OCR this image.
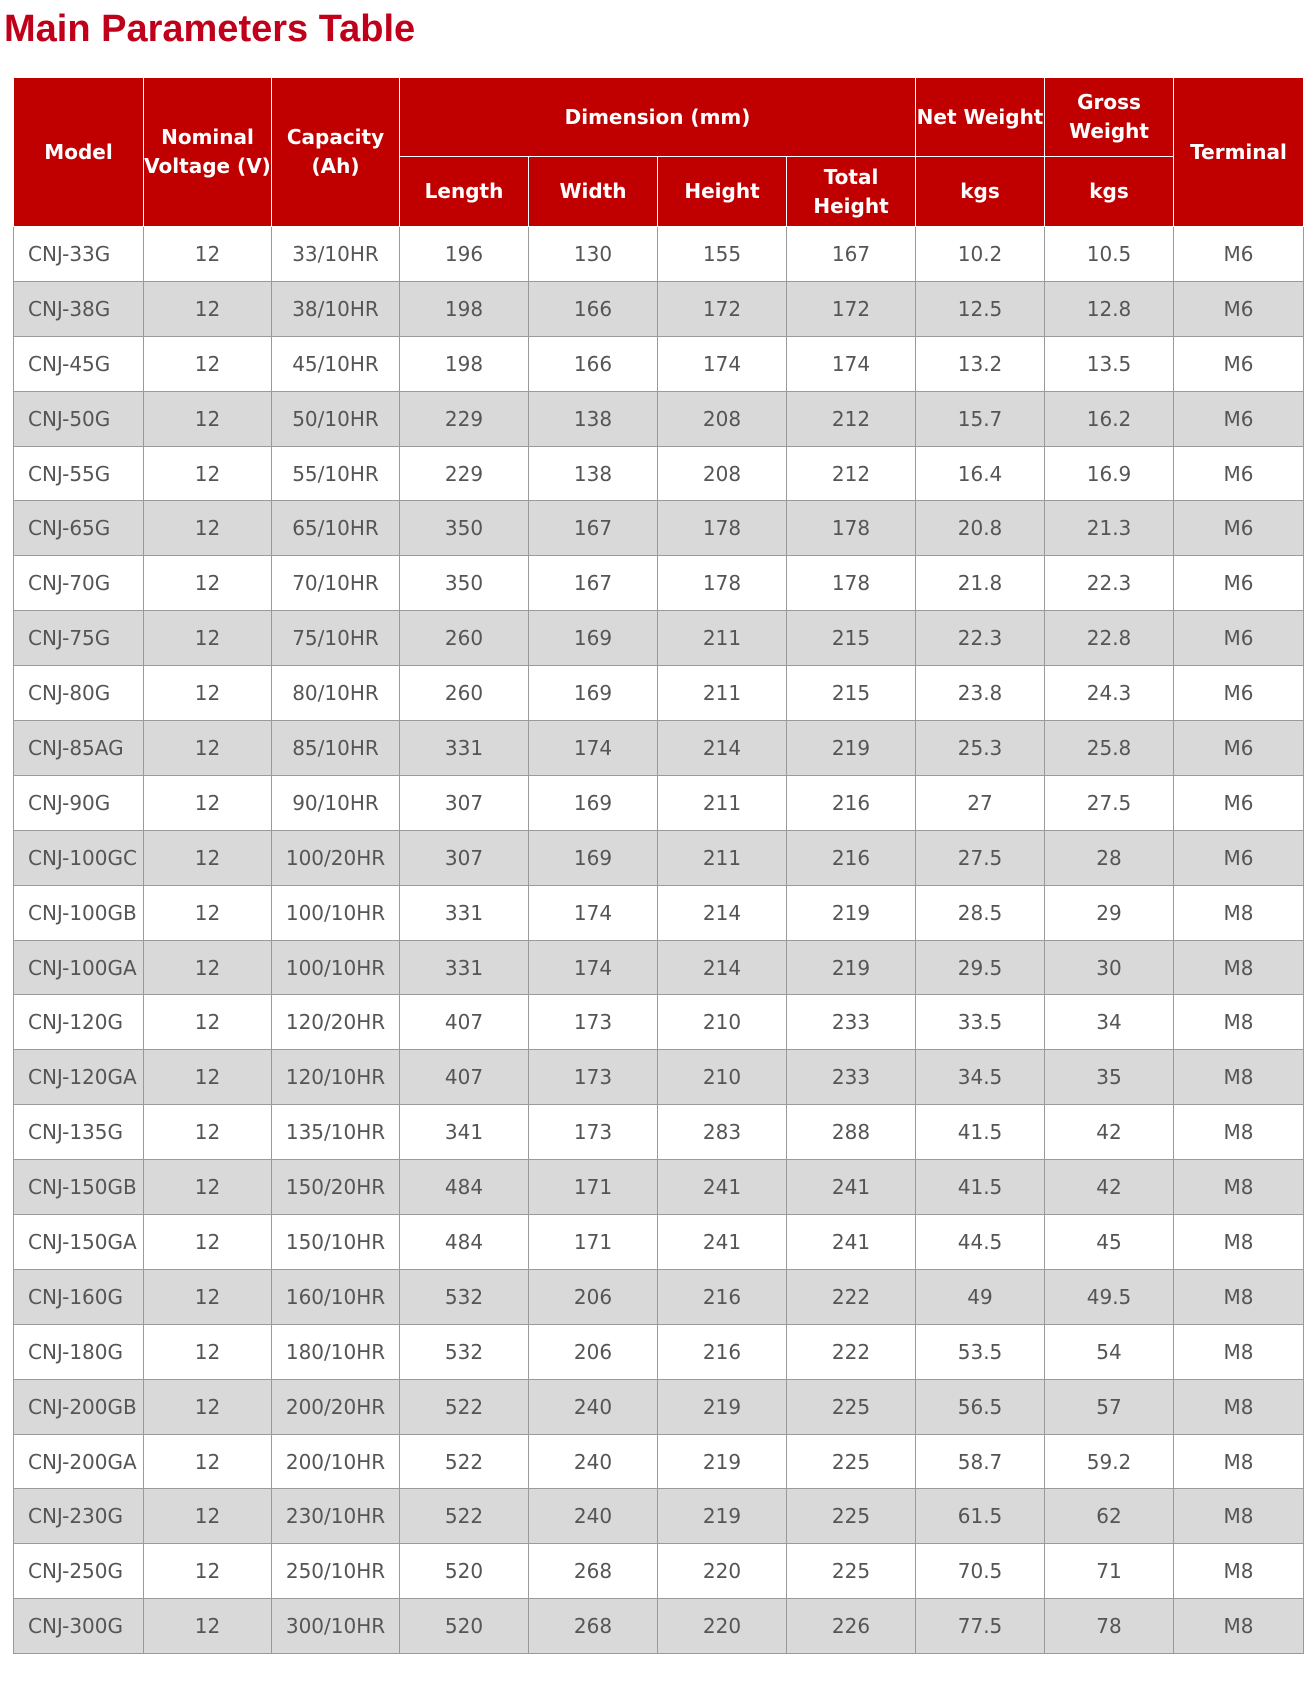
Main Parameters Table
Model	Nominal Voltage (V)	Capacity (Ah)	Dimension (mm)				Net Weight	Gross Weight	Terminal
			Length	Width	Height	Total Height	kgs	kgs	
CNJ-33G	12	33/10HR	196	130	155	167	10.2	10.5	M6
CNJ-38G	12	38/10HR	198	166	172	172	12.5	12.8	M6
CNJ-45G	12	45/10HR	198	166	174	174	13.2	13.5	M6
CNJ-50G	12	50/10HR	229	138	208	212	15.7	16.2	M6
CNJ-55G	12	55/10HR	229	138	208	212	16.4	16.9	M6
CNJ-65G	12	65/10HR	350	167	178	178	20.8	21.3	M6
CNJ-70G	12	70/10HR	350	167	178	178	21.8	22.3	M6
CNJ-75G	12	75/10HR	260	169	211	215	22.3	22.8	M6
CNJ-80G	12	80/10HR	260	169	211	215	23.8	24.3	M6
CNJ-85AG	12	85/10HR	331	174	214	219	25.3	25.8	M6
CNJ-90G	12	90/10HR	307	169	211	216	27	27.5	M6
CNJ-100GC	12	100/20HR	307	169	211	216	27.5	28	M6
CNJ-100GB	12	100/10HR	331	174	214	219	28.5	29	M8
CNJ-100GA	12	100/10HR	331	174	214	219	29.5	30	M8
CNJ-120G	12	120/20HR	407	173	210	233	33.5	34	M8
CNJ-120GA	12	120/10HR	407	173	210	233	34.5	35	M8
CNJ-135G	12	135/10HR	341	173	283	288	41.5	42	M8
CNJ-150GB	12	150/20HR	484	171	241	241	41.5	42	M8
CNJ-150GA	12	150/10HR	484	171	241	241	44.5	45	M8
CNJ-160G	12	160/10HR	532	206	216	222	49	49.5	M8
CNJ-180G	12	180/10HR	532	206	216	222	53.5	54	M8
CNJ-200GB	12	200/20HR	522	240	219	225	56.5	57	M8
CNJ-200GA	12	200/10HR	522	240	219	225	58.7	59.2	M8
CNJ-230G	12	230/10HR	522	240	219	225	61.5	62	M8
CNJ-250G	12	250/10HR	520	268	220	225	70.5	71	M8
CNJ-300G	12	300/10HR	520	268	220	226	77.5	78	M8
